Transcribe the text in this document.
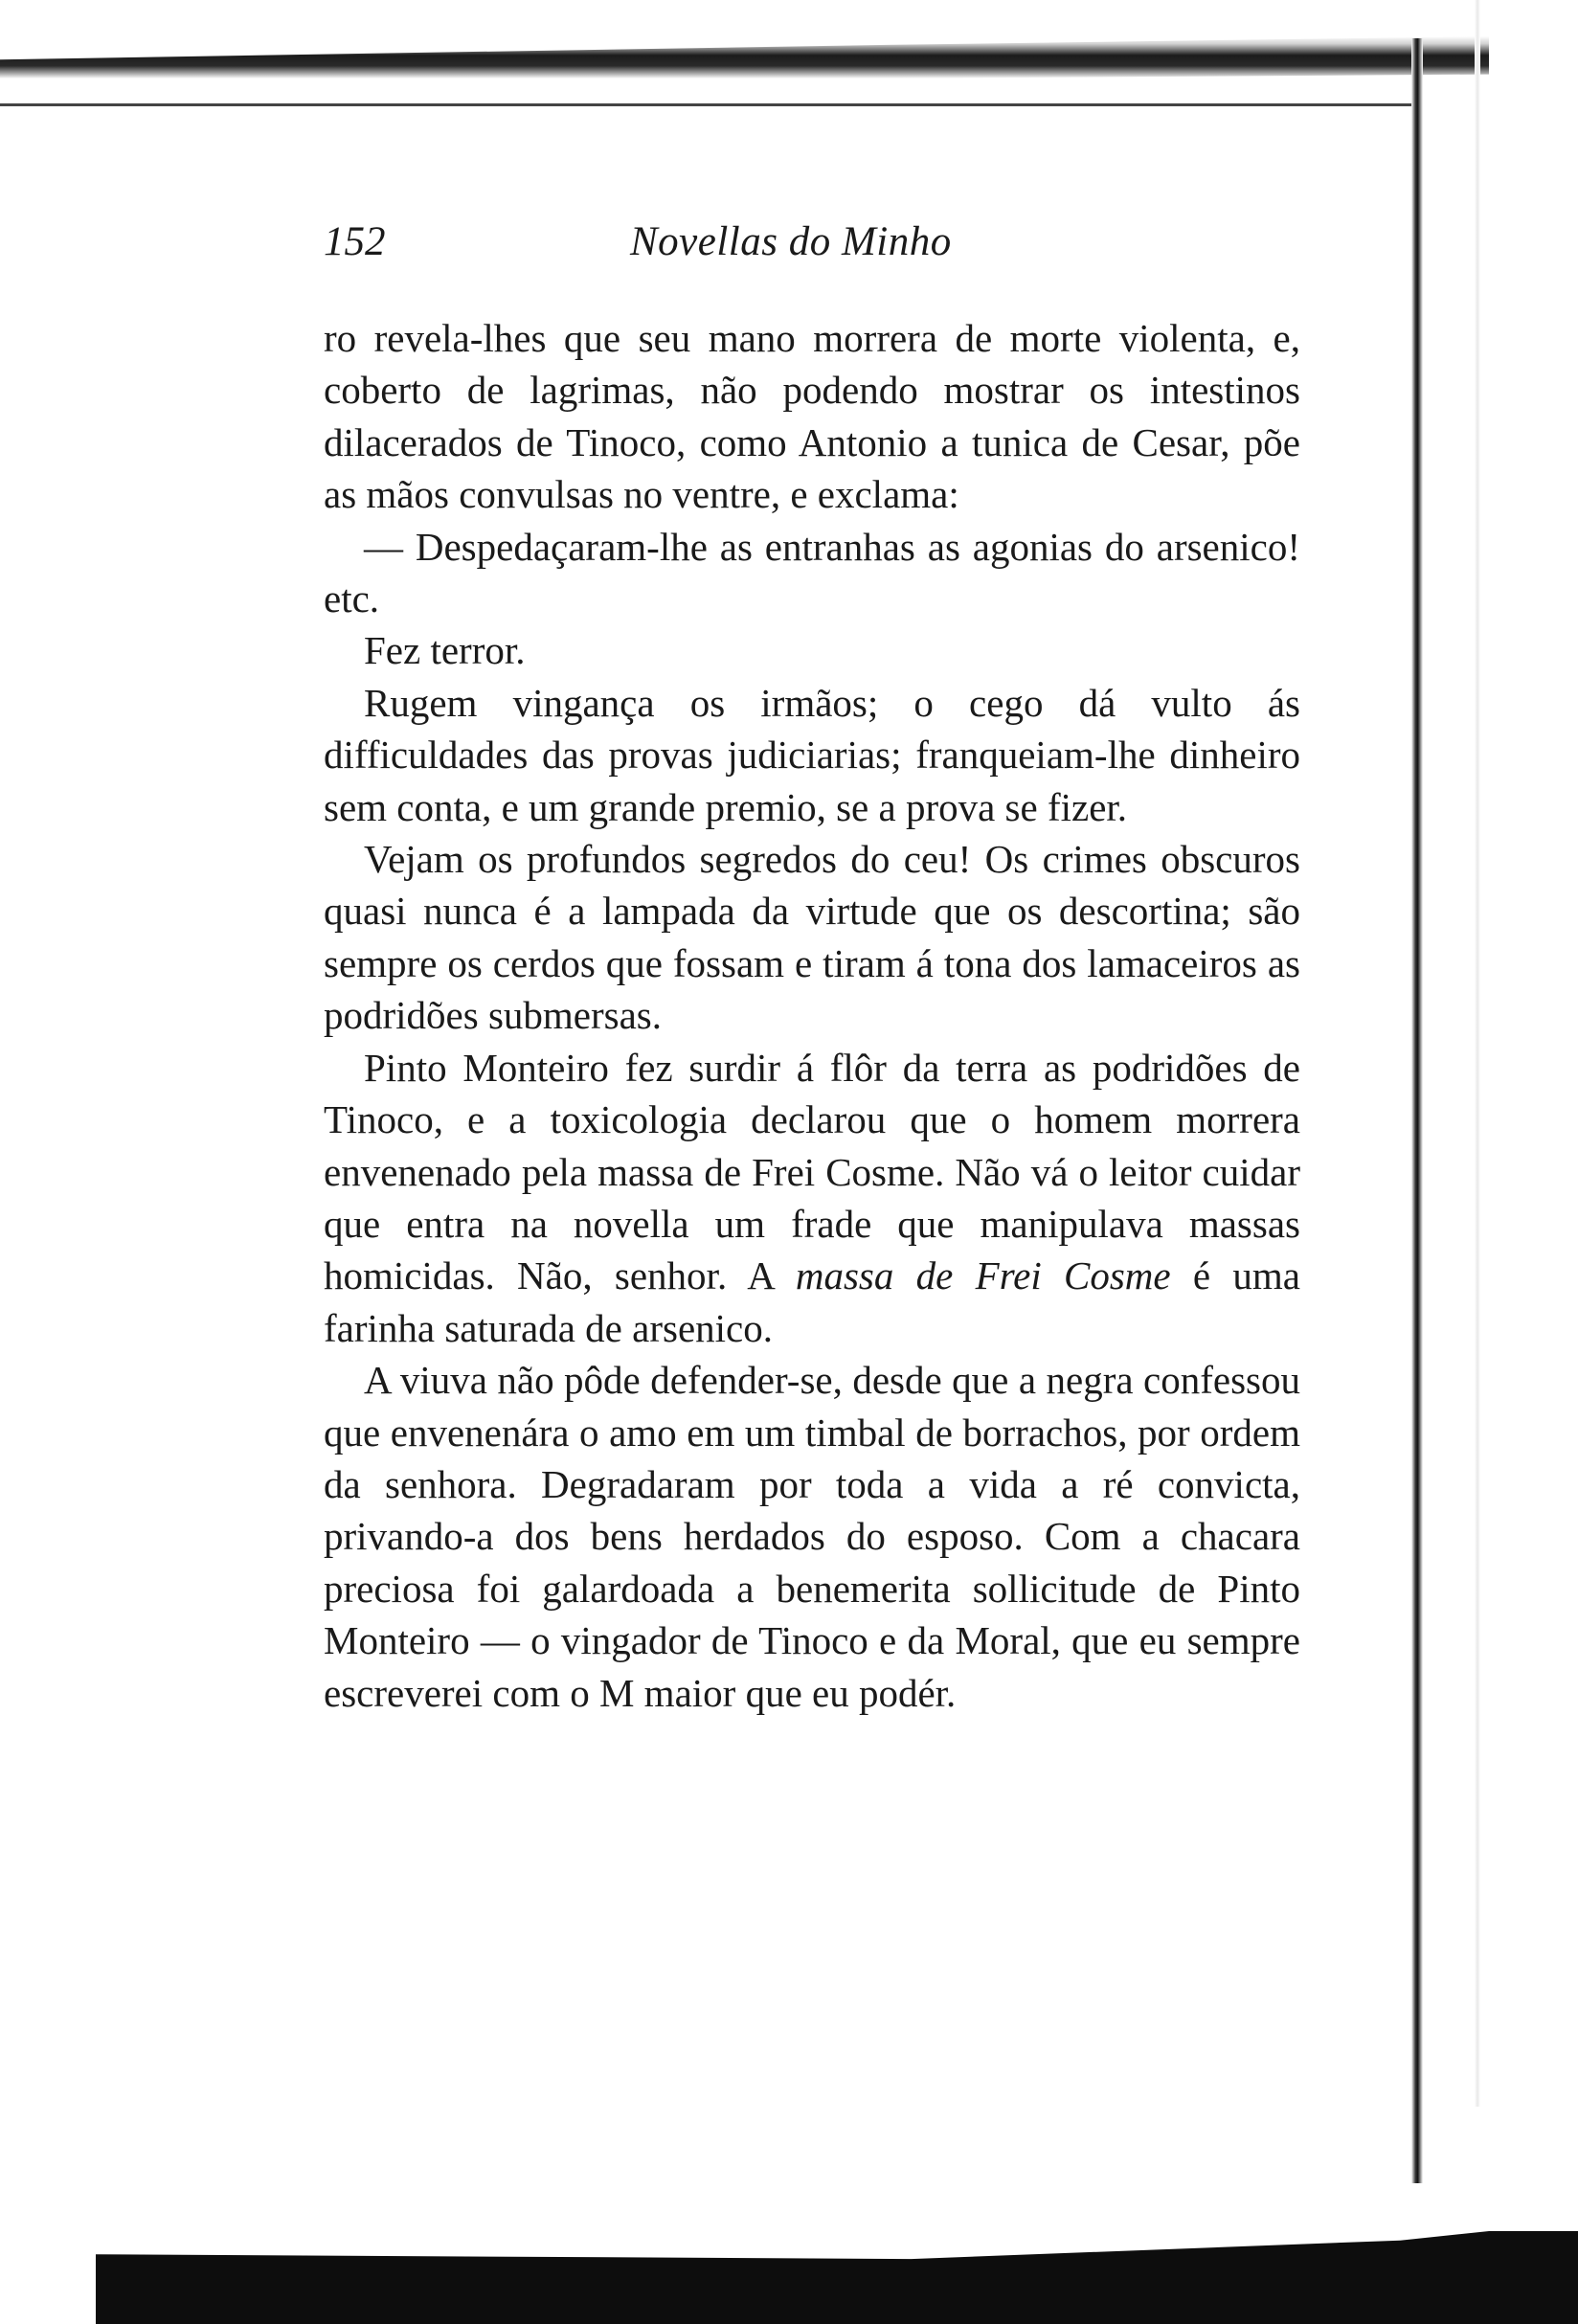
152	Novellas do Minho

ro revela-lhes que seu mano morrera de morte violenta, e, coberto de lagrimas, não podendo mostrar os intestinos dilacerados de Tinoco, como Antonio a tunica de Cesar, põe as mãos convulsas no ventre, e exclama:

— Despedaçaram-lhe as entranhas as agonias do arsenico! etc.

Fez terror.

Rugem vingança os irmãos; o cego dá vulto ás difficuldades das provas judiciarias; franqueiam-lhe dinheiro sem conta, e um grande premio, se a prova se fizer.

Vejam os profundos segredos do ceu! Os crimes obscuros quasi nunca é a lampada da virtude que os descortina; são sempre os cerdos que fossam e tiram á tona dos lamaceiros as podridões submersas.

Pinto Monteiro fez surdir á flôr da terra as podridões de Tinoco, e a toxicologia declarou que o homem morrera envenenado pela massa de Frei Cosme. Não vá o leitor cuidar que entra na novella um frade que manipulava massas homicidas. Não, senhor. A massa de Frei Cosme é uma farinha saturada de arsenico.

A viuva não pôde defender-se, desde que a negra confessou que envenenára o amo em um timbal de borrachos, por ordem da senhora. Degradaram por toda a vida a ré convicta, privando-a dos bens herdados do esposo. Com a chacara preciosa foi galardoada a benemerita sollicitude de Pinto Monteiro — o vingador de Tinoco e da Moral, que eu sempre escreverei com o M maior que eu podér.
